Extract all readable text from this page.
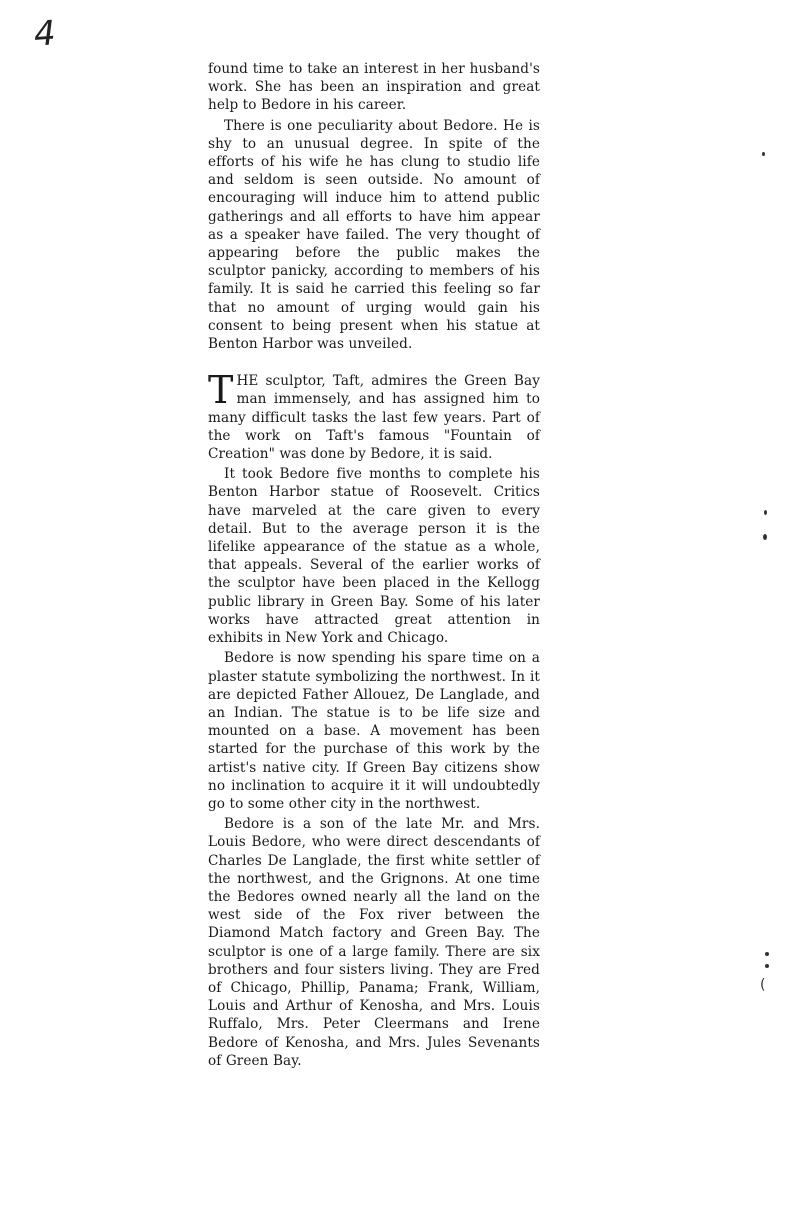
4

found time to take an interest in her husband's work. She has been an inspiration and great help to Bedore in his career.

There is one peculiarity about Bedore. He is shy to an unusual degree. In spite of the efforts of his wife he has clung to studio life and seldom is seen outside. No amount of encouraging will induce him to attend public gatherings and all efforts to have him appear as a speaker have failed. The very thought of appearing before the public makes the sculptor panicky, according to members of his family. It is said he carried this feeling so far that no amount of urging would gain his consent to being present when his statue at Benton Harbor was unveiled.

THE sculptor, Taft, admires the Green Bay man immensely, and has assigned him to many difficult tasks the last few years. Part of the work on Taft's famous "Fountain of Creation" was done by Bedore, it is said.

It took Bedore five months to complete his Benton Harbor statue of Roosevelt. Critics have marveled at the care given to every detail. But to the average person it is the lifelike appearance of the statue as a whole, that appeals. Several of the earlier works of the sculptor have been placed in the Kellogg public library in Green Bay. Some of his later works have attracted great attention in exhibits in New York and Chicago.

Bedore is now spending his spare time on a plaster statute symbolizing the northwest. In it are depicted Father Allouez, De Langlade, and an Indian. The statue is to be life size and mounted on a base. A movement has been started for the purchase of this work by the artist's native city. If Green Bay citizens show no inclination to acquire it it will undoubtedly go to some other city in the northwest.

Bedore is a son of the late Mr. and Mrs. Louis Bedore, who were direct descendants of Charles De Langlade, the first white settler of the northwest, and the Grignons. At one time the Bedores owned nearly all the land on the west side of the Fox river between the Diamond Match factory and Green Bay. The sculptor is one of a large family. There are six brothers and four sisters living. They are Fred of Chicago, Phillip, Panama; Frank, William, Louis and Arthur of Kenosha, and Mrs. Louis Ruffalo, Mrs. Peter Cleermans and Irene Bedore of Kenosha, and Mrs. Jules Sevenants of Green Bay.

(
